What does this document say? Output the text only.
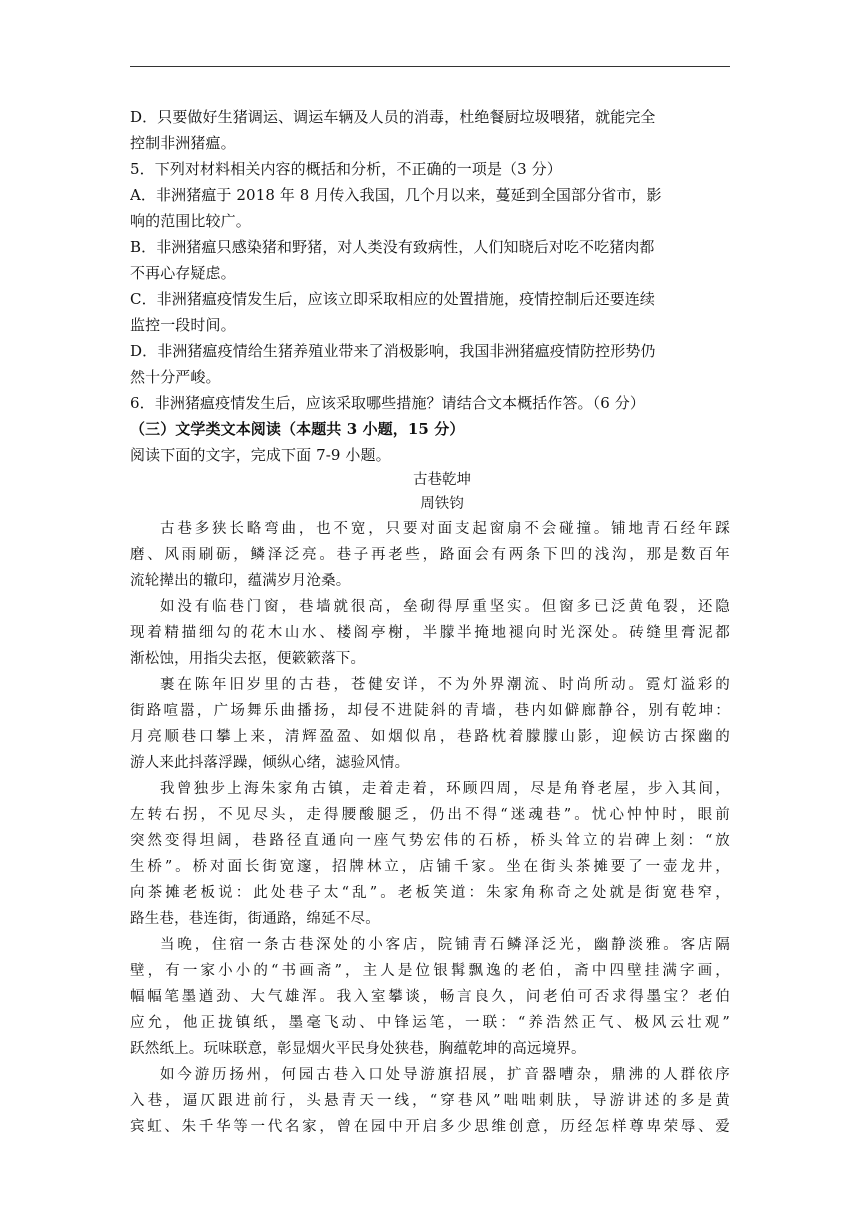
D．只要做好生猪调运、调运车辆及人员的消毒，杜绝餐厨垃圾喂猪，就能完全
控制非洲猪瘟。
5．下列对材料相关内容的概括和分析，不正确的一项是（3 分）
A．非洲猪瘟于 2018 年 8 月传入我国，几个月以来，蔓延到全国部分省市，影
响的范围比较广。
B．非洲猪瘟只感染猪和野猪，对人类没有致病性，人们知晓后对吃不吃猪肉都
不再心存疑虑。
C．非洲猪瘟疫情发生后，应该立即采取相应的处置措施，疫情控制后还要连续
监控一段时间。
D．非洲猪瘟疫情给生猪养殖业带来了消极影响，我国非洲猪瘟疫情防控形势仍
然十分严峻。
6．非洲猪瘟疫情发生后，应该采取哪些措施？请结合文本概括作答。（6 分）
（三）文学类文本阅读（本题共 3 小题，15 分）
阅读下面的文字，完成下面 7-9 小题。
古巷乾坤
周铁钧
古巷多狭长略弯曲，也不宽，只要对面支起窗扇不会碰撞。铺地青石经年踩
磨、风雨刷砺，鳞泽泛亮。巷子再老些，路面会有两条下凹的浅沟，那是数百年
流轮撵出的辙印，蕴满岁月沧桑。
如没有临巷门窗，巷墙就很高，垒砌得厚重坚实。但窗多已泛黄龟裂，还隐
现着精描细勾的花木山水、楼阁亭榭，半朦半掩地褪向时光深处。砖缝里膏泥都
渐松蚀，用指尖去抠，便簌簌落下。
裹在陈年旧岁里的古巷，苍健安详，不为外界潮流、时尚所动。霓灯溢彩的
街路喧嚣，广场舞乐曲播扬，却侵不进陡斜的青墙，巷内如僻廊静谷，别有乾坤：
月亮顺巷口攀上来，清辉盈盈、如烟似帛，巷路枕着朦朦山影，迎候访古探幽的
游人来此抖落浮躁，倾纵心绪，滤验风情。
我曾独步上海朱家角古镇，走着走着，环顾四周，尽是角脊老屋，步入其间，
左转右拐，不见尽头，走得腰酸腿乏，仍出不得“迷魂巷”。忧心忡忡时，眼前
突然变得坦阔，巷路径直通向一座气势宏伟的石桥，桥头耸立的岩碑上刻：“放
生桥”。桥对面长街宽邃，招牌林立，店铺千家。坐在街头茶摊要了一壶龙井，
向茶摊老板说：此处巷子太“乱”。老板笑道：朱家角称奇之处就是街宽巷窄，
路生巷，巷连街，街通路，绵延不尽。
当晚，住宿一条古巷深处的小客店，院铺青石鳞泽泛光，幽静淡雅。客店隔
壁，有一家小小的“书画斋”，主人是位银髯飘逸的老伯，斋中四壁挂满字画，
幅幅笔墨遒劲、大气雄浑。我入室攀谈，畅言良久，问老伯可否求得墨宝？老伯
应允，他正拢镇纸，墨毫飞动、中锋运笔，一联：“养浩然正气、极风云壮观”
跃然纸上。玩味联意，彰显烟火平民身处狭巷，胸蕴乾坤的高远境界。
如今游历扬州，何园古巷入口处导游旗招展，扩音器嘈杂，鼎沸的人群依序
入巷，逼仄跟进前行，头悬青天一线，“穿巷风”咄咄刺肤，导游讲述的多是黄
宾虹、朱千华等一代名家，曾在园中开启多少思维创意，历经怎样尊卑荣辱、爱
